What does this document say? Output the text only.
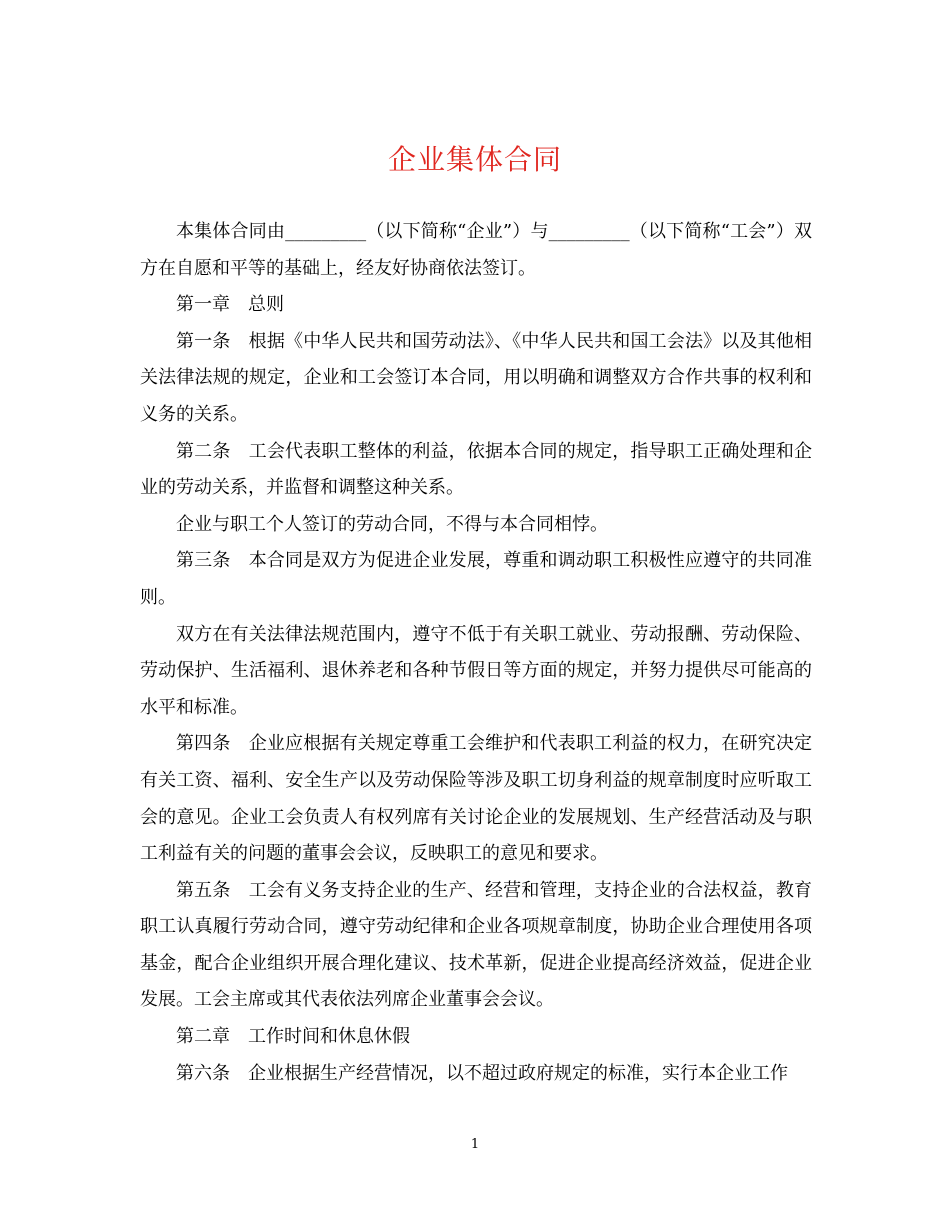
企业集体合同

本集体合同由_________（以下简称“企业”）与_________（以下简称“工会”）双方在自愿和平等的基础上，经友好协商依法签订。

第一章　总则

第一条　根据《中华人民共和国劳动法》、《中华人民共和国工会法》以及其他相关法律法规的规定，企业和工会签订本合同，用以明确和调整双方合作共事的权利和义务的关系。

第二条　工会代表职工整体的利益，依据本合同的规定，指导职工正确处理和企业的劳动关系，并监督和调整这种关系。

企业与职工个人签订的劳动合同，不得与本合同相悖。

第三条　本合同是双方为促进企业发展，尊重和调动职工积极性应遵守的共同准则。

双方在有关法律法规范围内，遵守不低于有关职工就业、劳动报酬、劳动保险、劳动保护、生活福利、退休养老和各种节假日等方面的规定，并努力提供尽可能高的水平和标准。

第四条　企业应根据有关规定尊重工会维护和代表职工利益的权力，在研究决定有关工资、福利、安全生产以及劳动保险等涉及职工切身利益的规章制度时应听取工会的意见。企业工会负责人有权列席有关讨论企业的发展规划、生产经营活动及与职工利益有关的问题的董事会会议，反映职工的意见和要求。

第五条　工会有义务支持企业的生产、经营和管理，支持企业的合法权益，教育职工认真履行劳动合同，遵守劳动纪律和企业各项规章制度，协助企业合理使用各项基金，配合企业组织开展合理化建议、技术革新，促进企业提高经济效益，促进企业发展。工会主席或其代表依法列席企业董事会会议。

第二章　工作时间和休息休假

第六条　企业根据生产经营情况，以不超过政府规定的标准，实行本企业工作

1
